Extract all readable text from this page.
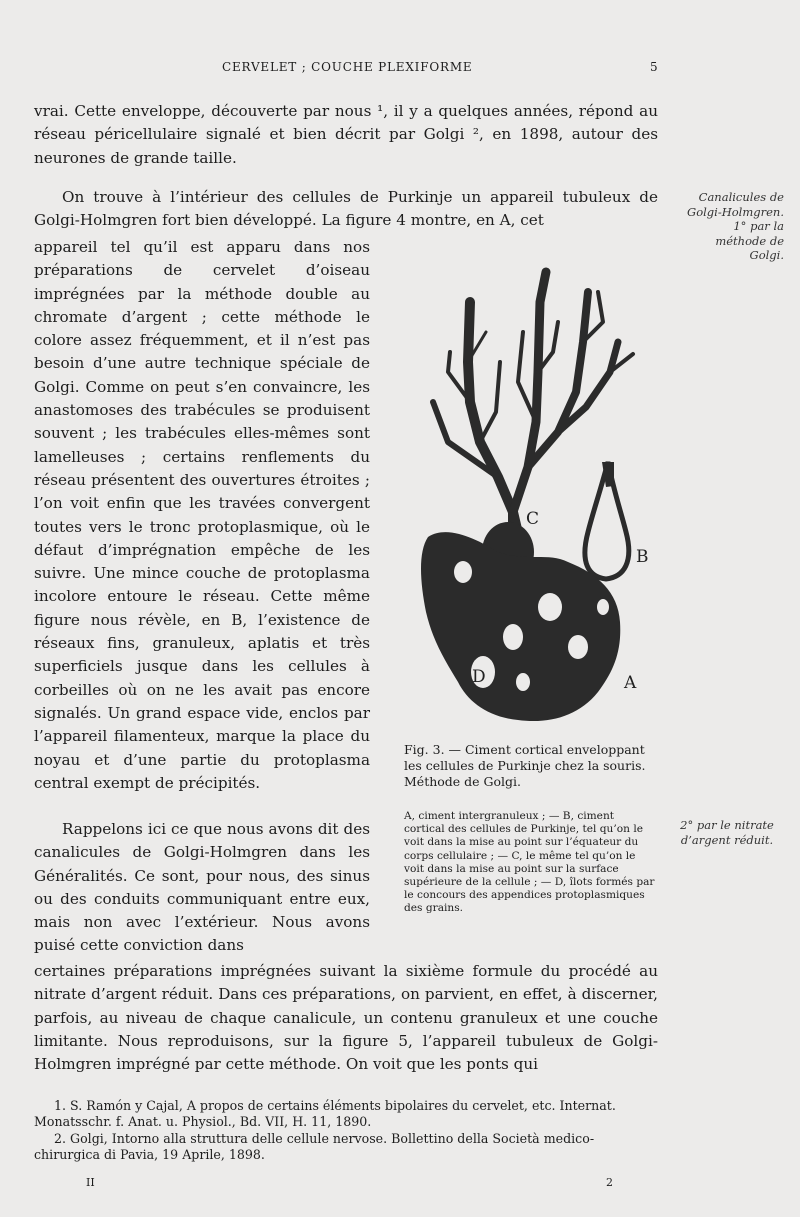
CERVELET ; COUCHE PLEXIFORME	5

vrai. Cette enveloppe, découverte par nous ¹, il y a quelques années, répond au réseau péricellulaire signalé et bien décrit par Golgi ², en 1898, autour des neurones de grande taille.

On trouve à l’intérieur des cellules de Purkinje un appareil tubuleux de Golgi-Holmgren fort bien développé. La figure 4 montre, en A, cet

appareil tel qu’il est apparu dans nos préparations de cervelet d’oiseau imprégnées par la méthode double au chromate d’argent ; cette méthode le colore assez fréquemment, et il n’est pas besoin d’une autre technique spéciale de Golgi. Comme on peut s’en convaincre, les anastomoses des trabécules se produisent souvent ; les trabécules elles-mêmes sont lamelleuses ; certains renflements du réseau présentent des ouvertures étroites ; l’on voit enfin que les travées convergent toutes vers le tronc protoplasmique, où le défaut d’imprégnation empêche de les suivre. Une mince couche de protoplasma incolore entoure le réseau. Cette même figure nous révèle, en B, l’existence de réseaux fins, granuleux, aplatis et très superficiels jusque dans les cellules à corbeilles où on ne les avait pas encore signalés. Un grand espace vide, enclos par l’appareil filamenteux, marque la place du noyau et d’une partie du protoplasma central exempt de précipités.

Rappelons ici ce que nous avons dit des canalicules de Golgi-Holmgren dans les Généralités. Ce sont, pour nous, des sinus ou des conduits communiquant entre eux, mais non avec l’extérieur. Nous avons puisé cette conviction dans

certaines préparations imprégnées suivant la sixième formule du procédé au nitrate d’argent réduit. Dans ces préparations, on parvient, en effet, à discerner, parfois, au niveau de chaque canalicule, un contenu granuleux et une couche limitante. Nous reproduisons, sur la figure 5, l’appareil tubuleux de Golgi-Holmgren imprégné par cette méthode. On voit que les ponts qui

Canalicules de Golgi-Holmgren. 1° par la méthode de Golgi.
2° par le nitrate d’argent réduit.
C
B
A
D
Fig. 3. — Ciment cortical enveloppant les cellules de Purkinje chez la souris. Méthode de Golgi.
A, ciment intergranuleux ; — B, ciment cortical des cellules de Purkinje, tel qu’on le voit dans la mise au point sur l’équateur du corps cellulaire ; — C, le même tel qu’on le voit dans la mise au point sur la surface supérieure de la cellule ; — D, îlots formés par le concours des appendices protoplasmiques des grains.

1. S. Ramón y Cajal, A propos de certains éléments bipolaires du cervelet, etc. Internat. Monatsschr. f. Anat. u. Physiol., Bd. VII, H. 11, 1890.

2. Golgi, Intorno alla struttura delle cellule nervose. Bollettino della Società medico-chirurgica di Pavia, 19 Aprile, 1898.

II	2
